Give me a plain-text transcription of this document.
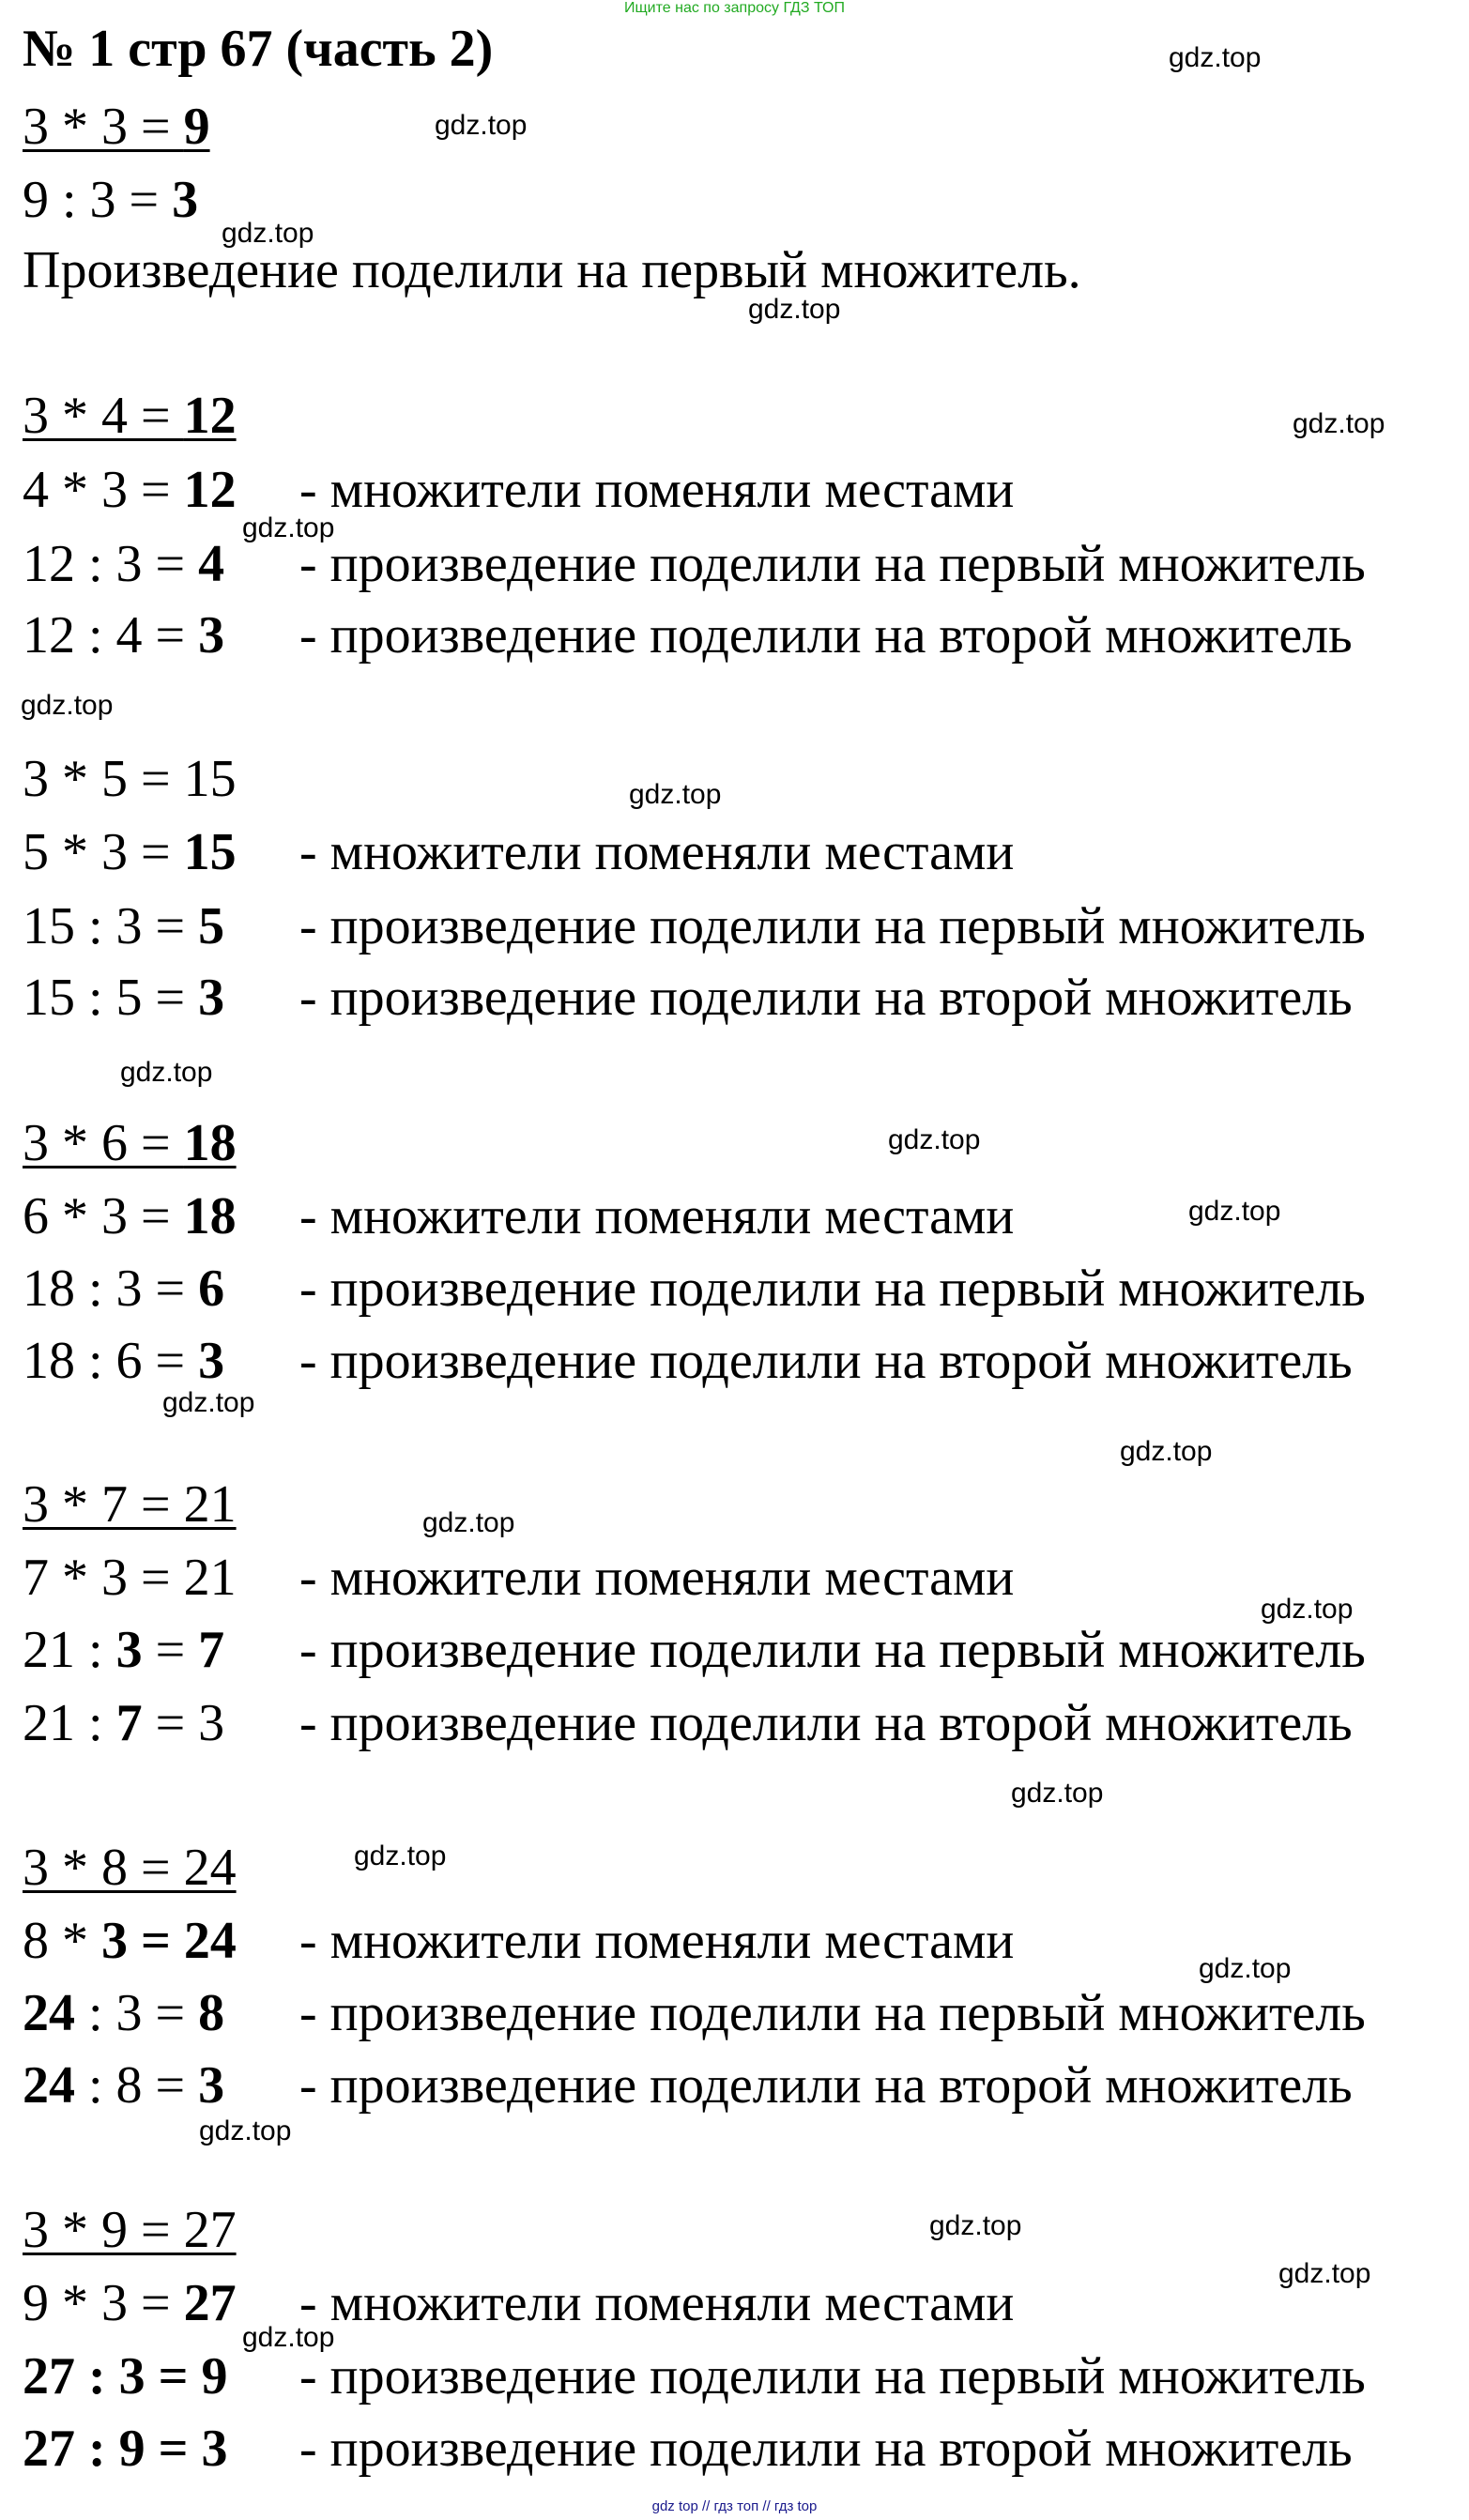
Ищите нас по запросу ГДЗ ТОП
№ 1 стр 67 (часть 2)
3 * 3 = 9
9 : 3 = 3
Произведение поделили на первый множитель.
3 * 4 = 12
4 * 3 = 12 - множители поменяли местами
12 : 3 = 4 - произведение поделили на первый множитель
12 : 4 = 3 - произведение поделили на второй множитель
3 * 5 = 15
5 * 3 = 15 - множители поменяли местами
15 : 3 = 5 - произведение поделили на первый множитель
15 : 5 = 3 - произведение поделили на второй множитель
3 * 6 = 18
6 * 3 = 18 - множители поменяли местами
18 : 3 = 6 - произведение поделили на первый множитель
18 : 6 = 3 - произведение поделили на второй множитель
3 * 7 = 21
7 * 3 = 21 - множители поменяли местами
21 : 3 = 7 - произведение поделили на первый множитель
21 : 7 = 3 - произведение поделили на второй множитель
3 * 8 = 24
8 * 3 = 24 - множители поменяли местами
24 : 3 = 8 - произведение поделили на первый множитель
24 : 8 = 3 - произведение поделили на второй множитель
3 * 9 = 27
9 * 3 = 27 - множители поменяли местами
27 : 3 = 9 - произведение поделили на первый множитель
27 : 9 = 3 - произведение поделили на второй множитель
gdz.top
gdz.top
gdz.top
gdz.top
gdz.top
gdz.top
gdz.top
gdz.top
gdz.top
gdz.top
gdz.top
gdz.top
gdz.top
gdz.top
gdz.top
gdz.top
gdz.top
gdz.top
gdz.top
gdz.top
gdz.top
gdz.top
gdz top // гдз топ // гдз top
